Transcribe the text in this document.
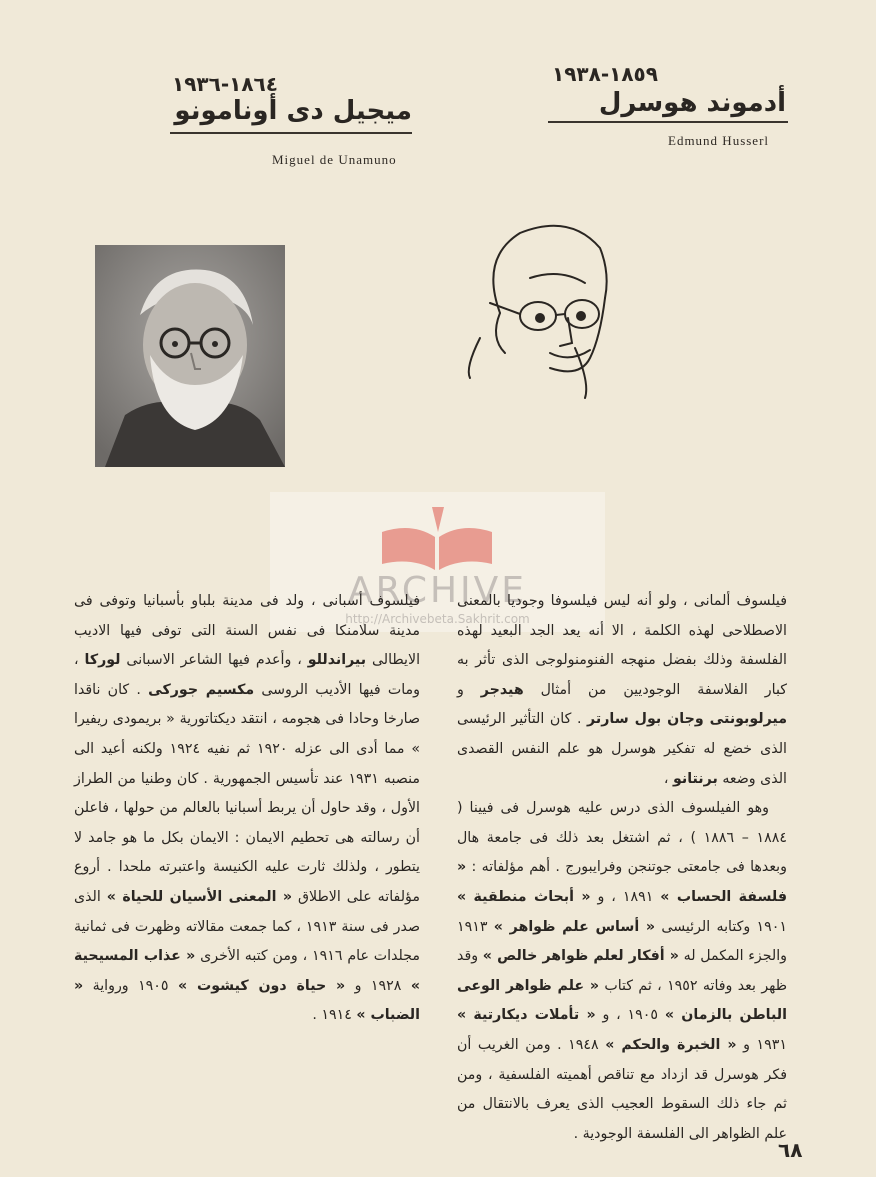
١٨٦٤-١٩٣٦
ميجيل دى أونامونو
Miguel de Unamuno
١٨٥٩-١٩٣٨
أدموند هوسرل
Edmund Husserl
ARCHIVE
http://Archivebeta.Sakhrit.com

فيلسوف ألمانى ، ولو أنه ليس فيلسوفا وجوديا بالمعنى الاصطلاحى لهذه الكلمة ، الا أنه يعد الجد البعيد لهذه الفلسفة وذلك بفضل منهجه الفنومنولوجى الذى تأثر به كبار الفلاسفة الوجوديين من أمثال هيدجر و ميرلوبونتى وجان بول سارتر . كان التأثير الرئيسى الذى خضع له تفكير هوسرل هو علم النفس القصدى الذى وضعه برنتانو ،

وهو الفيلسوف الذى درس عليه هوسرل فى فيينا ( ١٨٨٤ – ١٨٨٦ ) ، ثم اشتغل بعد ذلك فى جامعة هال وبعدها فى جامعتى جوتنجن وفرايبورج . أهم مؤلفاته : « فلسفة الحساب » ١٨٩١ ، و « أبحاث منطقية » ١٩٠١ وكتابه الرئيسى « أساس علم ظواهر » ١٩١٣ والجزء المكمل له « أفكار لعلم ظواهر خالص » وقد ظهر بعد وفاته ١٩٥٢ ، ثم كتاب « علم ظواهر الوعى الباطن بالزمان » ١٩٠٥ ، و « تأملات ديكارتية » ١٩٣١ و « الخبرة والحكم » ١٩٤٨ . ومن الغريب أن فكر هوسرل قد ازداد مع تناقص أهميته الفلسفية ، ومن ثم جاء ذلك السقوط العجيب الذى يعرف بالانتقال من علم الظواهر الى الفلسفة الوجودية .

فيلسوف أسبانى ، ولد فى مدينة بلباو بأسبانيا وتوفى فى مدينة سلامنكا فى نفس السنة التى توفى فيها الاديب الايطالى بيراندللو ، وأعدم فيها الشاعر الاسبانى لوركا ، ومات فيها الأديب الروسى مكسيم جوركى . كان ناقدا صارخا وحادا فى هجومه ، انتقد ديكتاتورية « بريمودى ريفيرا » مما أدى الى عزله ١٩٢٠ ثم نفيه ١٩٢٤ ولكنه أعيد الى منصبه ١٩٣١ عند تأسيس الجمهورية . كان وطنيا من الطراز الأول ، وقد حاول أن يربط أسبانيا بالعالم من حولها ، فاعلن أن رسالته هى تحطيم الايمان : الايمان بكل ما هو جامد لا يتطور ، ولذلك ثارت عليه الكنيسة واعتبرته ملحدا . أروع مؤلفاته على الاطلاق « المعنى الأسيان للحياة » الذى صدر فى سنة ١٩١٣ ، كما جمعت مقالاته وظهرت فى ثمانية مجلدات عام ١٩١٦ ، ومن كتبه الأخرى « عذاب المسيحية » ١٩٢٨ و « حياة دون كيشوت » ١٩٠٥ ورواية « الضباب » ١٩١٤ .

٦٨
